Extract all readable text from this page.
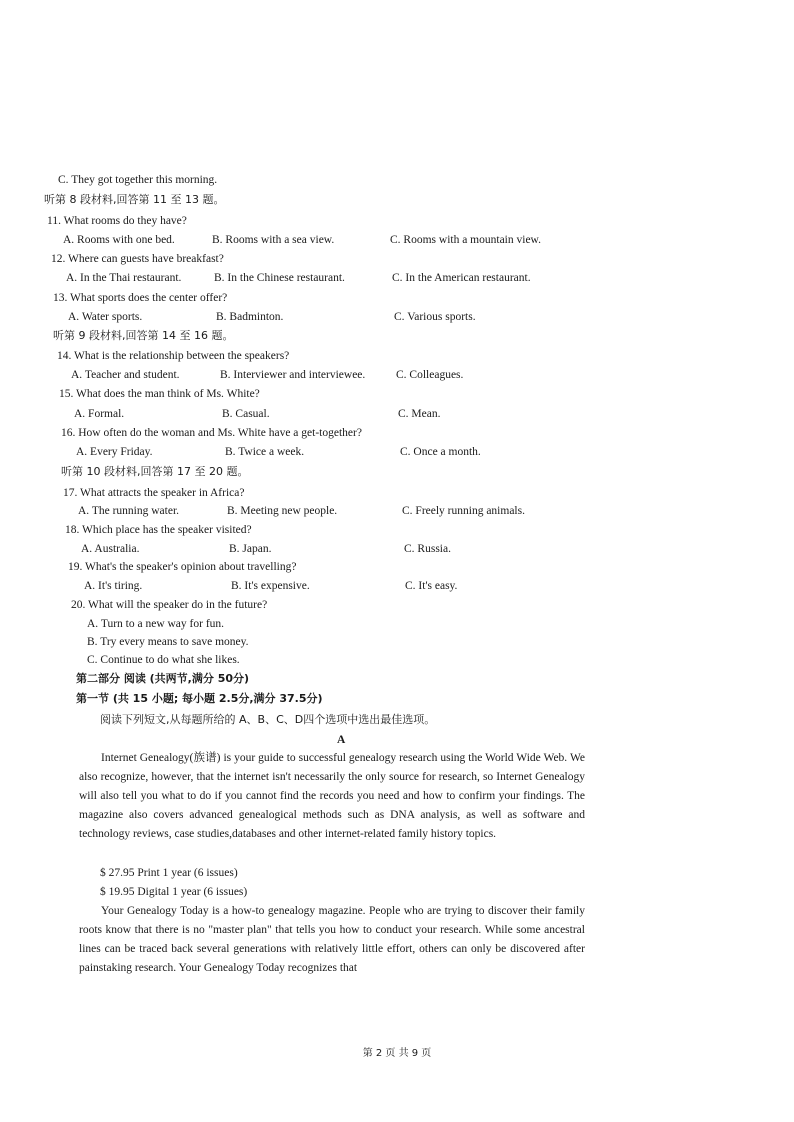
C. They got together this morning.
听第 8 段材料,回答第 11 至 13 题。
11. What rooms do they have?
A. Rooms with one bed.	B. Rooms with a sea view.	C. Rooms with a mountain view.
12. Where can guests have breakfast?
A. In the Thai restaurant.	B. In the Chinese restaurant.	C. In the American restaurant.
13. What sports does the center offer?
A. Water sports.	B. Badminton.	C. Various sports.
听第 9 段材料,回答第 14 至 16 题。
14. What is the relationship between the speakers?
A. Teacher and student.	B. Interviewer and interviewee.	C. Colleagues.
15. What does the man think of Ms. White?
A. Formal.	B. Casual.	C. Mean.
16. How often do the woman and Ms. White have a get-together?
A. Every Friday.	B. Twice a week.	C. Once a month.
听第 10 段材料,回答第 17 至 20 题。
17. What attracts the speaker in Africa?
A. The running water.	B. Meeting new people.	C. Freely running animals.
18. Which place has the speaker visited?
A. Australia.	B. Japan.	C. Russia.
19. What's the speaker's opinion about travelling?
A. It's tiring.	B. It's expensive.	C. It's easy.
20. What will the speaker do in the future?
A. Turn to a new way for fun.
B. Try every means to save money.
C. Continue to do what she likes.
第二部分 阅读 (共两节,满分 50分)
第一节 (共 15 小题; 每小题 2.5分,满分 37.5分)
阅读下列短文,从每题所给的 A、B、C、D四个选项中选出最佳选项。
A

Internet Genealogy(族谱) is your guide to successful genealogy research using the World Wide Web. We also recognize, however, that the internet isn't necessarily the only source for research, so Internet Genealogy will also tell you what to do if you cannot find the records you need and how to confirm your findings. The magazine also covers advanced genealogical methods such as DNA analysis, as well as software and technology reviews, case studies,databases and other internet-related family history topics.

$ 27.95 Print 1 year (6 issues)
$ 19.95 Digital 1 year (6 issues)

Your Genealogy Today is a how-to genealogy magazine. People who are trying to discover their family roots know that there is no "master plan" that tells you how to conduct your research. While some ancestral lines can be traced back several generations with relatively little effort, others can only be discovered after painstaking research. Your Genealogy Today recognizes that

第 2 页 共 9 页
